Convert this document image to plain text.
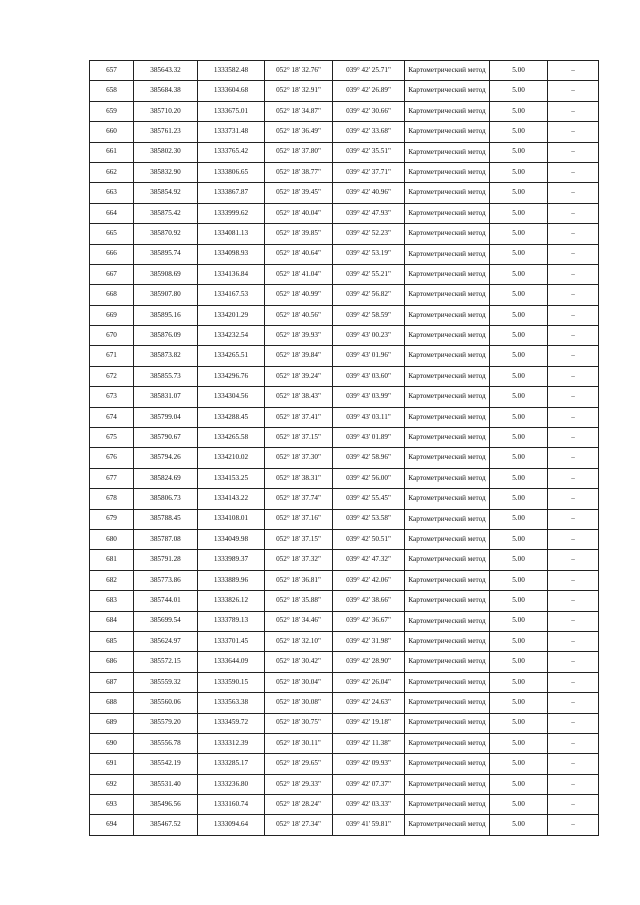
657	385643.32	1333582.48	052° 18' 32.76"	039° 42' 25.71"	Картометрический метод	5.00	–
658	385684.38	1333604.68	052° 18' 32.91"	039° 42' 26.89"	Картометрический метод	5.00	–
659	385710.20	1333675.01	052° 18' 34.87"	039° 42' 30.66"	Картометрический метод	5.00	–
660	385761.23	1333731.48	052° 18' 36.49"	039° 42' 33.68"	Картометрический метод	5.00	–
661	385802.30	1333765.42	052° 18' 37.80"	039° 42' 35.51"	Картометрический метод	5.00	–
662	385832.90	1333806.65	052° 18' 38.77"	039° 42' 37.71"	Картометрический метод	5.00	–
663	385854.92	1333867.87	052° 18' 39.45"	039° 42' 40.96"	Картометрический метод	5.00	–
664	385875.42	1333999.62	052° 18' 40.04"	039° 42' 47.93"	Картометрический метод	5.00	–
665	385870.92	1334081.13	052° 18' 39.85"	039° 42' 52.23"	Картометрический метод	5.00	–
666	385895.74	1334098.93	052° 18' 40.64"	039° 42' 53.19"	Картометрический метод	5.00	–
667	385908.69	1334136.84	052° 18' 41.04"	039° 42' 55.21"	Картометрический метод	5.00	–
668	385907.80	1334167.53	052° 18' 40.99"	039° 42' 56.82"	Картометрический метод	5.00	–
669	385895.16	1334201.29	052° 18' 40.56"	039° 42' 58.59"	Картометрический метод	5.00	–
670	385876.09	1334232.54	052° 18' 39.93"	039° 43' 00.23"	Картометрический метод	5.00	–
671	385873.82	1334265.51	052° 18' 39.84"	039° 43' 01.96"	Картометрический метод	5.00	–
672	385855.73	1334296.76	052° 18' 39.24"	039° 43' 03.60"	Картометрический метод	5.00	–
673	385831.07	1334304.56	052° 18' 38.43"	039° 43' 03.99"	Картометрический метод	5.00	–
674	385799.04	1334288.45	052° 18' 37.41"	039° 43' 03.11"	Картометрический метод	5.00	–
675	385790.67	1334265.58	052° 18' 37.15"	039° 43' 01.89"	Картометрический метод	5.00	–
676	385794.26	1334210.02	052° 18' 37.30"	039° 42' 58.96"	Картометрический метод	5.00	–
677	385824.69	1334153.25	052° 18' 38.31"	039° 42' 56.00"	Картометрический метод	5.00	–
678	385806.73	1334143.22	052° 18' 37.74"	039° 42' 55.45"	Картометрический метод	5.00	–
679	385788.45	1334108.01	052° 18' 37.16"	039° 42' 53.58"	Картометрический метод	5.00	–
680	385787.08	1334049.98	052° 18' 37.15"	039° 42' 50.51"	Картометрический метод	5.00	–
681	385791.28	1333989.37	052° 18' 37.32"	039° 42' 47.32"	Картометрический метод	5.00	–
682	385773.86	1333889.96	052° 18' 36.81"	039° 42' 42.06"	Картометрический метод	5.00	–
683	385744.01	1333826.12	052° 18' 35.88"	039° 42' 38.66"	Картометрический метод	5.00	–
684	385699.54	1333789.13	052° 18' 34.46"	039° 42' 36.67"	Картометрический метод	5.00	–
685	385624.97	1333701.45	052° 18' 32.10"	039° 42' 31.98"	Картометрический метод	5.00	–
686	385572.15	1333644.09	052° 18' 30.42"	039° 42' 28.90"	Картометрический метод	5.00	–
687	385559.32	1333590.15	052° 18' 30.04"	039° 42' 26.04"	Картометрический метод	5.00	–
688	385560.06	1333563.38	052° 18' 30.08"	039° 42' 24.63"	Картометрический метод	5.00	–
689	385579.20	1333459.72	052° 18' 30.75"	039° 42' 19.18"	Картометрический метод	5.00	–
690	385556.78	1333312.39	052° 18' 30.11"	039° 42' 11.38"	Картометрический метод	5.00	–
691	385542.19	1333285.17	052° 18' 29.65"	039° 42' 09.93"	Картометрический метод	5.00	–
692	385531.40	1333236.80	052° 18' 29.33"	039° 42' 07.37"	Картометрический метод	5.00	–
693	385496.56	1333160.74	052° 18' 28.24"	039° 42' 03.33"	Картометрический метод	5.00	–
694	385467.52	1333094.64	052° 18' 27.34"	039° 41' 59.81"	Картометрический метод	5.00	–
